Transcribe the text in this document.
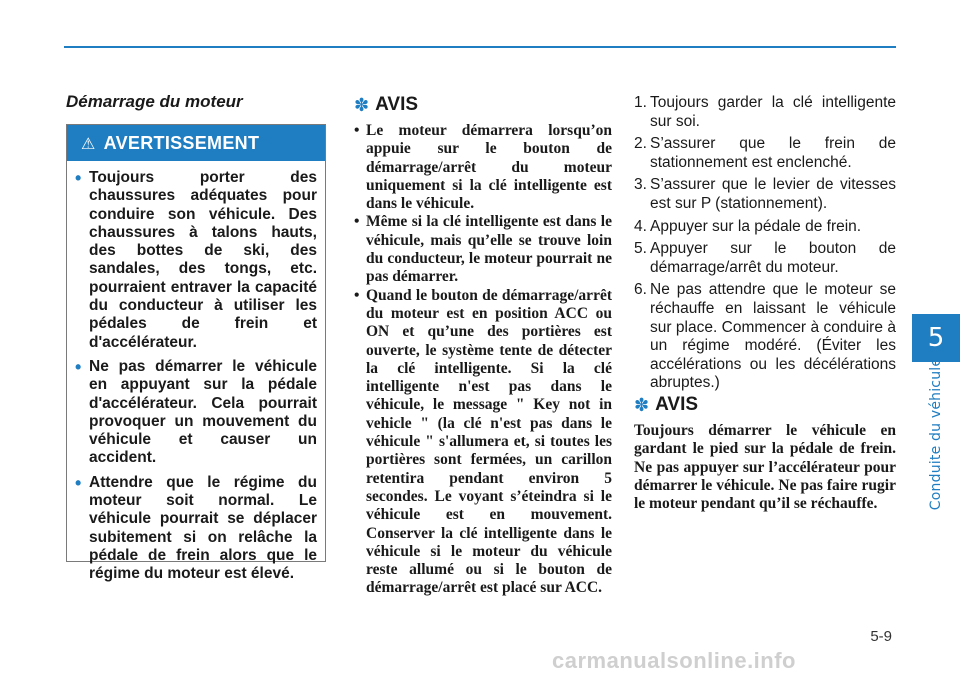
5
Conduite du véhicule
Démarrage du moteur
⚠ AVERTISSEMENT
• Toujours porter des chaussures adéquates pour conduire son véhicule. Des chaussures à talons hauts, des bottes de ski, des sandales, des tongs, etc. pourraient entraver la capacité du conducteur à utiliser les pédales de frein et d'accélérateur.
• Ne pas démarrer le véhicule en appuyant sur la pédale d'accélérateur. Cela pourrait provoquer un mouvement du véhicule et causer un accident.
• Attendre que le régime du moteur soit normal. Le véhicule pourrait se déplacer subitement si on relâche la pédale de frein alors que le régime du moteur est élevé.
✽ AVIS
• Le moteur démarrera lorsqu’on appuie sur le bouton de démarrage/arrêt du moteur uniquement si la clé intelligente est dans le véhicule.
• Même si la clé intelligente est dans le véhicule, mais qu’elle se trouve loin du conducteur, le moteur pourrait ne pas démarrer.
• Quand le bouton de démarrage/arrêt du moteur est en position ACC ou ON et qu’une des portières est ouverte, le système tente de détecter la clé intelligente. Si la clé intelligente n'est pas dans le véhicule, le message " Key not in vehicle " (la clé n'est pas dans le véhicule " s'allumera et, si toutes les portières sont fermées, un carillon retentira pendant environ 5 secondes. Le voyant s’éteindra si le véhicule est en mouvement. Conserver la clé intelligente dans le véhicule si le moteur du véhicule reste allumé ou si le bouton de démarrage/arrêt est placé sur ACC.
1. Toujours garder la clé intelligente sur soi.
2. S’assurer que le frein de stationnement est enclenché.
3. S’assurer que le levier de vitesses est sur P (stationnement).
4. Appuyer sur la pédale de frein.
5. Appuyer sur le bouton de démarrage/arrêt du moteur.
6. Ne pas attendre que le moteur se réchauffe en laissant le véhicule sur place. Commencer à conduire à un régime modéré. (Éviter les accélérations ou les décélérations abruptes.)
✽ AVIS

Toujours démarrer le véhicule en gardant le pied sur la pédale de frein. Ne pas appuyer sur l’accélérateur pour démarrer le véhicule. Ne pas faire rugir le moteur pendant qu’il se réchauffe.

5-9
carmanualsonline.info
